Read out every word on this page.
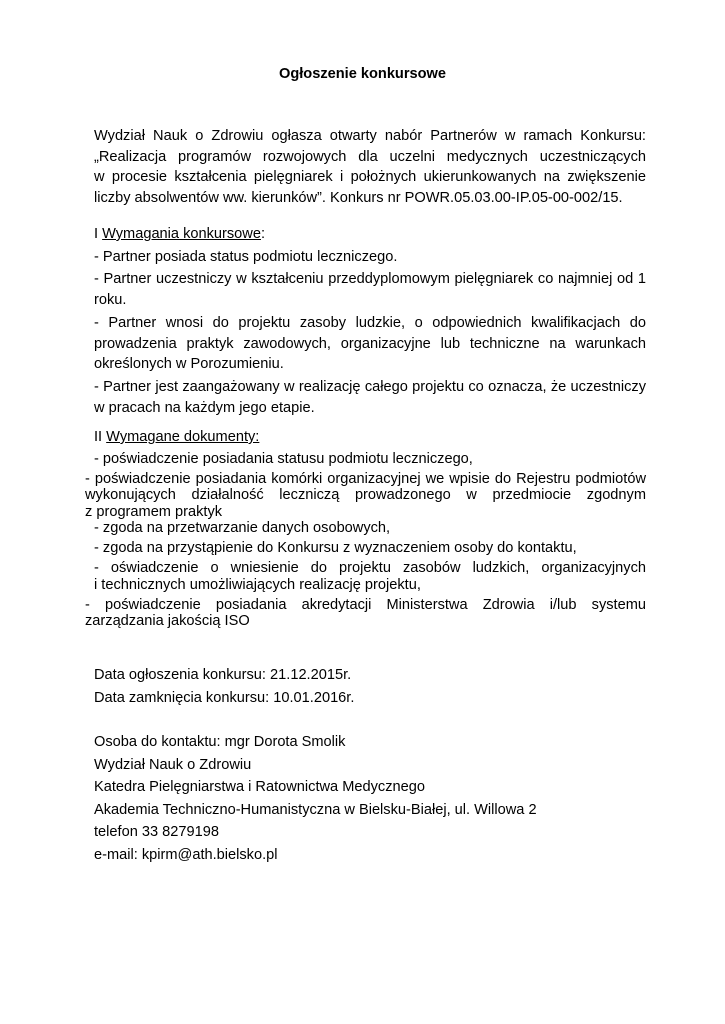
Ogłoszenie konkursowe
Wydział Nauk o Zdrowiu ogłasza otwarty nabór Partnerów w ramach Konkursu:
„Realizacja programów rozwojowych dla uczelni medycznych uczestniczących
w procesie kształcenia pielęgniarek i położnych ukierunkowanych na zwiększenie
liczby absolwentów ww. kierunków”. Konkurs nr POWR.05.03.00-IP.05-00-002/15.

I Wymagania konkursowe:

- Partner posiada status podmiotu leczniczego.
- Partner uczestniczy w kształceniu przeddyplomowym pielęgniarek co najmniej od 1
roku.
- Partner wnosi do projektu zasoby ludzkie, o odpowiednich kwalifikacjach do
prowadzenia praktyk zawodowych, organizacyjne lub techniczne na warunkach
określonych w Porozumieniu.
- Partner jest zaangażowany w realizację całego projektu co oznacza, że uczestniczy
w pracach na każdym jego etapie.
II Wymagane dokumenty:
- poświadczenie posiadania statusu podmiotu leczniczego,
- poświadczenie posiadania komórki organizacyjnej we wpisie do Rejestru podmiotów
wykonujących działalność leczniczą prowadzonego w przedmiocie zgodnym
z programem praktyk
- zgoda na przetwarzanie danych osobowych,
- zgoda na przystąpienie do Konkursu z wyznaczeniem osoby do kontaktu,
- oświadczenie o wniesienie do projektu zasobów ludzkich, organizacyjnych
i technicznych umożliwiających realizację projektu,
- poświadczenie posiadania akredytacji Ministerstwa Zdrowia i/lub systemu
zarządzania jakością ISO
Data ogłoszenia konkursu: 21.12.2015r.
Data zamknięcia konkursu: 10.01.2016r.
Osoba do kontaktu: mgr Dorota Smolik
Wydział Nauk o Zdrowiu
Katedra Pielęgniarstwa i Ratownictwa Medycznego
Akademia Techniczno-Humanistyczna w Bielsku-Białej, ul. Willowa 2
telefon 33 8279198
e-mail: kpirm@ath.bielsko.pl
